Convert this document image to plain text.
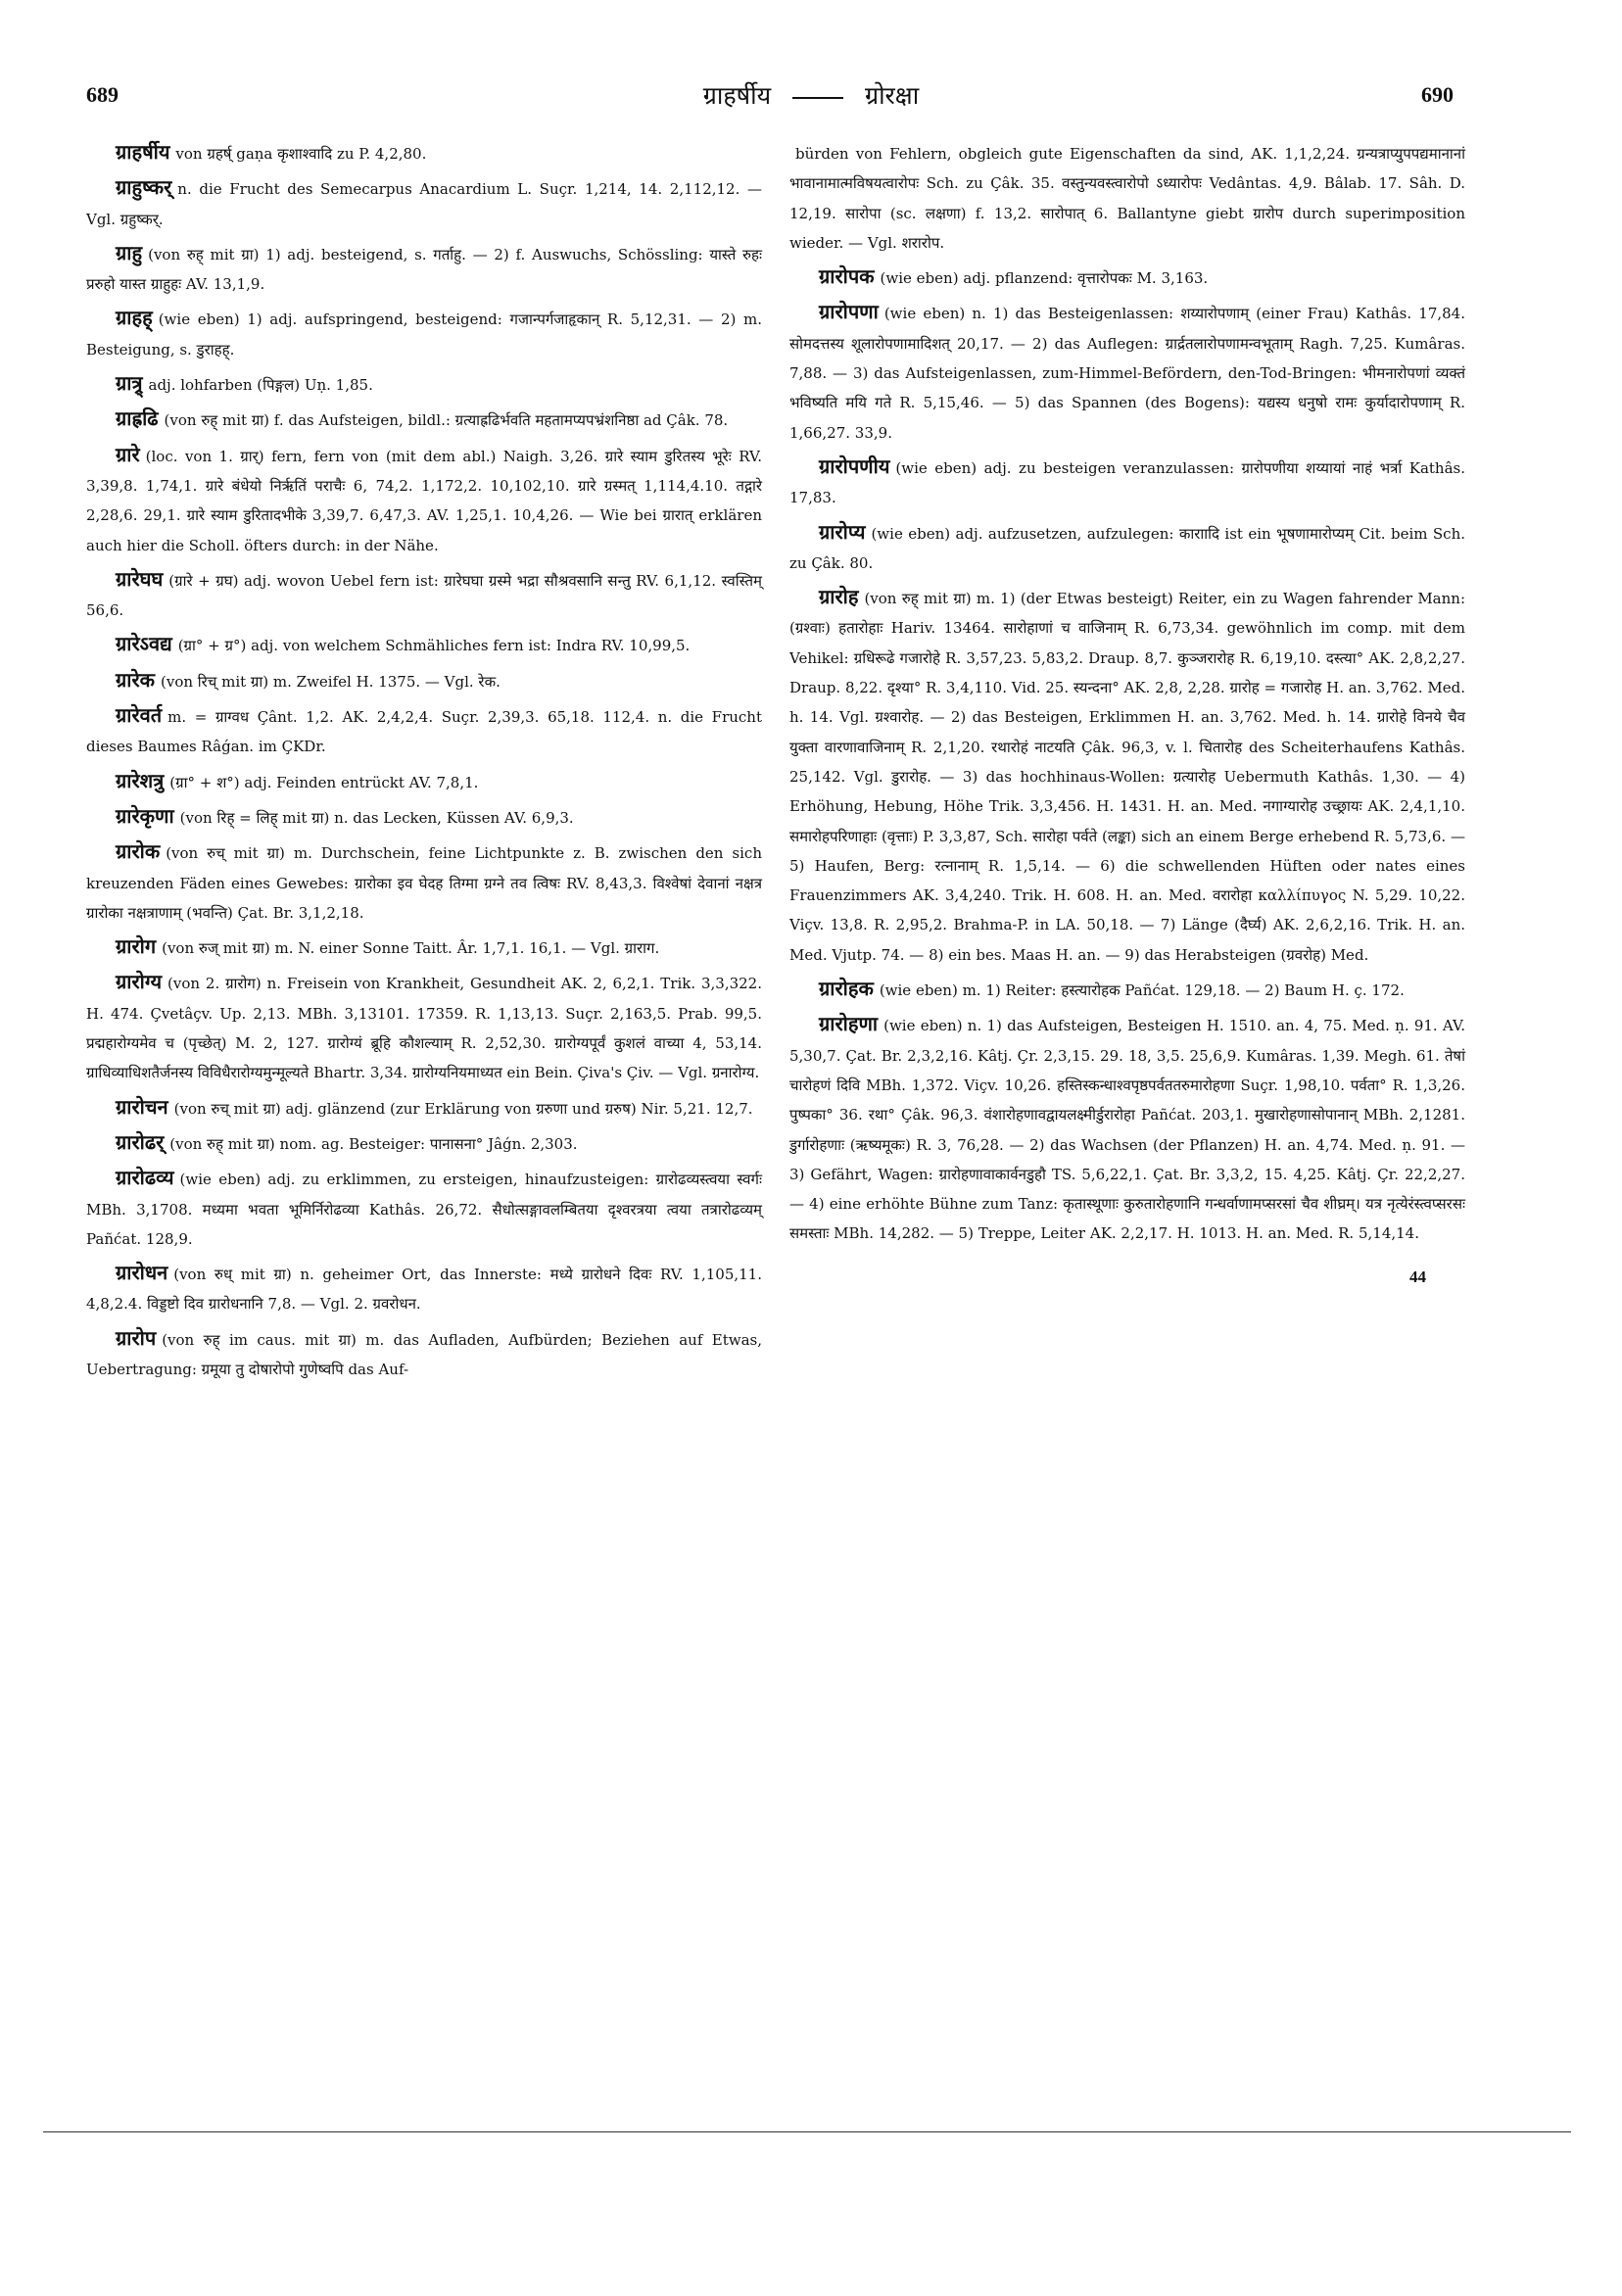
689	ग्राहर्षीय	ग्रोरक्षा	690

ग्राहर्षीय von ग्रहर्ष् gaṇa कृशाश्वादि zu P. 4,2,80.

ग्राहुष्कर् n. die Frucht des Semecarpus Anacardium L. Suçr. 1,214, 14. 2,112,12. — Vgl. ग्रहुष्कर्.

ग्राहु (von रुह् mit ग्रा) 1) adj. besteigend, s. गर्ताहु. — 2) f. Auswuchs, Schössling: यास्ते रुहः प्ररुहो यास्त ग्राहुहः AV. 13,1,9.

ग्राहह् (wie eben) 1) adj. aufspringend, besteigend: गजान्पर्गजाहृकान् R. 5,12,31. — 2) m. Besteigung, s. डुराहह्.

ग्रात्र्र् adj. lohfarben (पिङ्गल) Uṇ. 1,85.

ग्राह्रढि (von रुह् mit ग्रा) f. das Aufsteigen, bildl.: ग्रत्याह्रढिर्भवति महतामप्यपभ्रंशनिष्ठा ad Çâk. 78.

ग्रारे (loc. von 1. ग्रार्) fern, fern von (mit dem abl.) Naigh. 3,26. ग्रारे स्याम डुरितस्य भूरेः RV. 3,39,8. 1,74,1. ग्रारे बंधेयो निर्ऋतिं पराचैः 6, 74,2. 1,172,2. 10,102,10. ग्रारे ग्रस्मत् 1,114,4.10. तद्गारे 2,28,6. 29,1. ग्रारे स्याम डुरितादभीके 3,39,7. 6,47,3. AV. 1,25,1. 10,4,26. — Wie bei ग्रारात् erklären auch hier die Scholl. öfters durch: in der Nähe.

ग्रारेघघ (ग्रारे + ग्रघ) adj. wovon Uebel fern ist: ग्रारेघघा ग्रस्मे भद्रा सौश्रवसानि सन्तु RV. 6,1,12. स्वस्तिम् 56,6.

ग्रारेऽवद्य (ग्रा° + ग्र°) adj. von welchem Schmähliches fern ist: Indra RV. 10,99,5.

ग्रारेक (von रिच् mit ग्रा) m. Zweifel H. 1375. — Vgl. रेक.

ग्रारेवर्त m. = ग्राग्वध Çânt. 1,2. AK. 2,4,2,4. Suçr. 2,39,3. 65,18. 112,4. n. die Frucht dieses Baumes Râǵan. im ÇKDr.

ग्रारेशत्रु (ग्रा° + श°) adj. Feinden entrückt AV. 7,8,1.

ग्रारेकृणा (von रिह् = लिह् mit ग्रा) n. das Lecken, Küssen AV. 6,9,3.

ग्रारोक (von रुच् mit ग्रा) m. Durchschein, feine Lichtpunkte z. B. zwischen den sich kreuzenden Fäden eines Gewebes: ग्रारोका इव घेदह तिग्मा ग्रग्ने तव त्विषः RV. 8,43,3. विश्वेषां देवानां नक्षत्र ग्रारोका नक्षत्राणाम् (भवन्ति) Çat. Br. 3,1,2,18.

ग्रारोग (von रुज् mit ग्रा) m. N. einer Sonne Taitt. Âr. 1,7,1. 16,1. — Vgl. ग्राराग.

ग्रारोग्य (von 2. ग्रारोग) n. Freisein von Krankheit, Gesundheit AK. 2, 6,2,1. Trik. 3,3,322. H. 474. Çvetâçv. Up. 2,13. MBh. 3,13101. 17359. R. 1,13,13. Suçr. 2,163,5. Prab. 99,5. प्रद्महारोग्यमेव च (पृच्छेत्) M. 2, 127. ग्रारोग्यं ब्रूहि कौशल्याम् R. 2,52,30. ग्रारोग्यपूर्वं कुशलं वाच्या 4, 53,14. ग्राधिव्याधिशतैर्जनस्य विविधैरारोग्यमुन्मूल्यते Bhartr. 3,34. ग्रारोग्यनियमाध्यत ein Bein. Çiva's Çiv. — Vgl. ग्रनारोग्य.

ग्रारोचन (von रुच् mit ग्रा) adj. glänzend (zur Erklärung von ग्ररुणा und ग्ररुष) Nir. 5,21. 12,7.

ग्रारोढर् (von रुह् mit ग्रा) nom. ag. Besteiger: पानासना° Jâǵn. 2,303.

ग्रारोढव्य (wie eben) adj. zu erklimmen, zu ersteigen, hinaufzusteigen: ग्रारोढव्यस्त्वया स्वर्गः MBh. 3,1708. मध्यमा भवता भूमिर्निरोढव्या Kathâs. 26,72. सैधोत्सङ्गावलम्बितया दृश्वरत्रया त्वया तत्रारोढव्यम् Pañćat. 128,9.

ग्रारोधन (von रुध् mit ग्रा) n. geheimer Ort, das Innerste: मध्ये ग्रारोधने दिवः RV. 1,105,11. 4,8,2.4. विड्डष्टो दिव ग्रारोधनानि 7,8. — Vgl. 2. ग्रवरोधन.

ग्रारोप (von रुह् im caus. mit ग्रा) m. das Aufladen, Aufbürden; Beziehen auf Etwas, Uebertragung: ग्रमूया तु दोषारोपो गुणेष्वपि das Auf-

bürden von Fehlern, obgleich gute Eigenschaften da sind, AK. 1,1,2,24. ग्रन्यत्राप्युपपद्यमानानां भावानामात्मविषयत्वारोपः Sch. zu Çâk. 35. वस्तुन्यवस्त्वारोपो ऽध्यारोपः Vedântas. 4,9. Bâlab. 17. Sâh. D. 12,19. सारोपा (sc. लक्षणा) f. 13,2. सारोपात् 6. Ballantyne giebt ग्रारोप durch superimposition wieder. — Vgl. शरारोप.

ग्रारोपक (wie eben) adj. pflanzend: वृत्तारोपकः M. 3,163.

ग्रारोपणा (wie eben) n. 1) das Besteigenlassen: शय्यारोपणाम् (einer Frau) Kathâs. 17,84. सोमदत्तस्य शूलारोपणामादिशत् 20,17. — 2) das Auflegen: ग्रार्द्रतलारोपणामन्वभूताम् Ragh. 7,25. Kumâras. 7,88. — 3) das Aufsteigenlassen, zum-Himmel-Befördern, den-Tod-Bringen: भीमनारोपणां व्यक्तं भविष्यति मयि गते R. 5,15,46. — 5) das Spannen (des Bogens): यद्यस्य धनुषो रामः कुर्यादारोपणाम् R. 1,66,27. 33,9.

ग्रारोपणीय (wie eben) adj. zu besteigen veranzulassen: ग्रारोपणीया शय्यायां नाहं भर्त्रा Kathâs. 17,83.

ग्रारोप्य (wie eben) adj. aufzusetzen, aufzulegen: काराादि ist ein भूषणामारोप्यम् Cit. beim Sch. zu Çâk. 80.

ग्रारोह (von रुह् mit ग्रा) m. 1) (der Etwas besteigt) Reiter, ein zu Wagen fahrender Mann: (ग्रश्वाः) हतारोहाः Hariv. 13464. सारोहाणां च वाजिनाम् R. 6,73,34. gewöhnlich im comp. mit dem Vehikel: ग्रधिरूढे गजारोहे R. 3,57,23. 5,83,2. Draup. 8,7. कुञ्जरारोह R. 6,19,10. दस्त्या° AK. 2,8,2,27. Draup. 8,22. दृश्या° R. 3,4,110. Vid. 25. स्यन्दना° AK. 2,8, 2,28. ग्रारोह = गजारोह H. an. 3,762. Med. h. 14. Vgl. ग्रश्वारोह. — 2) das Besteigen, Erklimmen H. an. 3,762. Med. h. 14. ग्रारोहे विनये चैव युक्ता वारणावाजिनाम् R. 2,1,20. रथारोहं नाटयति Çâk. 96,3, v. l. चितारोह des Scheiterhaufens Kathâs. 25,142. Vgl. डुरारोह. — 3) das hochhinaus-Wollen: ग्रत्यारोह Uebermuth Kathâs. 1,30. — 4) Erhöhung, Hebung, Höhe Trik. 3,3,456. H. 1431. H. an. Med. नगाग्यारोह उच्छ्रायः AK. 2,4,1,10. समारोहपरिणाहाः (वृत्ताः) P. 3,3,87, Sch. सारोहा पर्वते (लङ्का) sich an einem Berge erhebend R. 5,73,6. — 5) Haufen, Berg: रत्नानाम् R. 1,5,14. — 6) die schwellenden Hüften oder nates eines Frauenzimmers AK. 3,4,240. Trik. H. 608. H. an. Med. वरारोहा καλλίπυγος N. 5,29. 10,22. Viçv. 13,8. R. 2,95,2. Brahma-P. in LA. 50,18. — 7) Länge (दैर्घ्य) AK. 2,6,2,16. Trik. H. an. Med. Vjutp. 74. — 8) ein bes. Maas H. an. — 9) das Herabsteigen (ग्रवरोह) Med.

ग्रारोहक (wie eben) m. 1) Reiter: हस्त्यारोहक Pañćat. 129,18. — 2) Baum H. ç. 172.

ग्रारोहणा (wie eben) n. 1) das Aufsteigen, Besteigen H. 1510. an. 4, 75. Med. ṇ. 91. AV. 5,30,7. Çat. Br. 2,3,2,16. Kâtj. Çr. 2,3,15. 29. 18, 3,5. 25,6,9. Kumâras. 1,39. Megh. 61. तेषां चारोहणं दिवि MBh. 1,372. Viçv. 10,26. हस्तिस्कन्धाश्वपृष्ठपर्वततरुमारोहणा Suçr. 1,98,10. पर्वता° R. 1,3,26. पुष्पका° 36. रथा° Çâk. 96,3. वंशारोहणावद्वायलक्ष्मीर्डुरारोहा Pañćat. 203,1. मुखारोहणासोपानान् MBh. 2,1281. डुर्गारोहणाः (ऋष्यमूकः) R. 3, 76,28. — 2) das Wachsen (der Pflanzen) H. an. 4,74. Med. ṇ. 91. — 3) Gefährt, Wagen: ग्रारोहणावाकार्वनडुहौ TS. 5,6,22,1. Çat. Br. 3,3,2, 15. 4,25. Kâtj. Çr. 22,2,27. — 4) eine erhöhte Bühne zum Tanz: कृतास्थूणाः कुरुतारोहणानि गन्धर्वाणामप्सरसां चैव शीघ्रम्। यत्र नृत्येरंस्त्वप्सरसः समस्ताः MBh. 14,282. — 5) Treppe, Leiter AK. 2,2,17. H. 1013. H. an. Med. R. 5,14,14.

44
